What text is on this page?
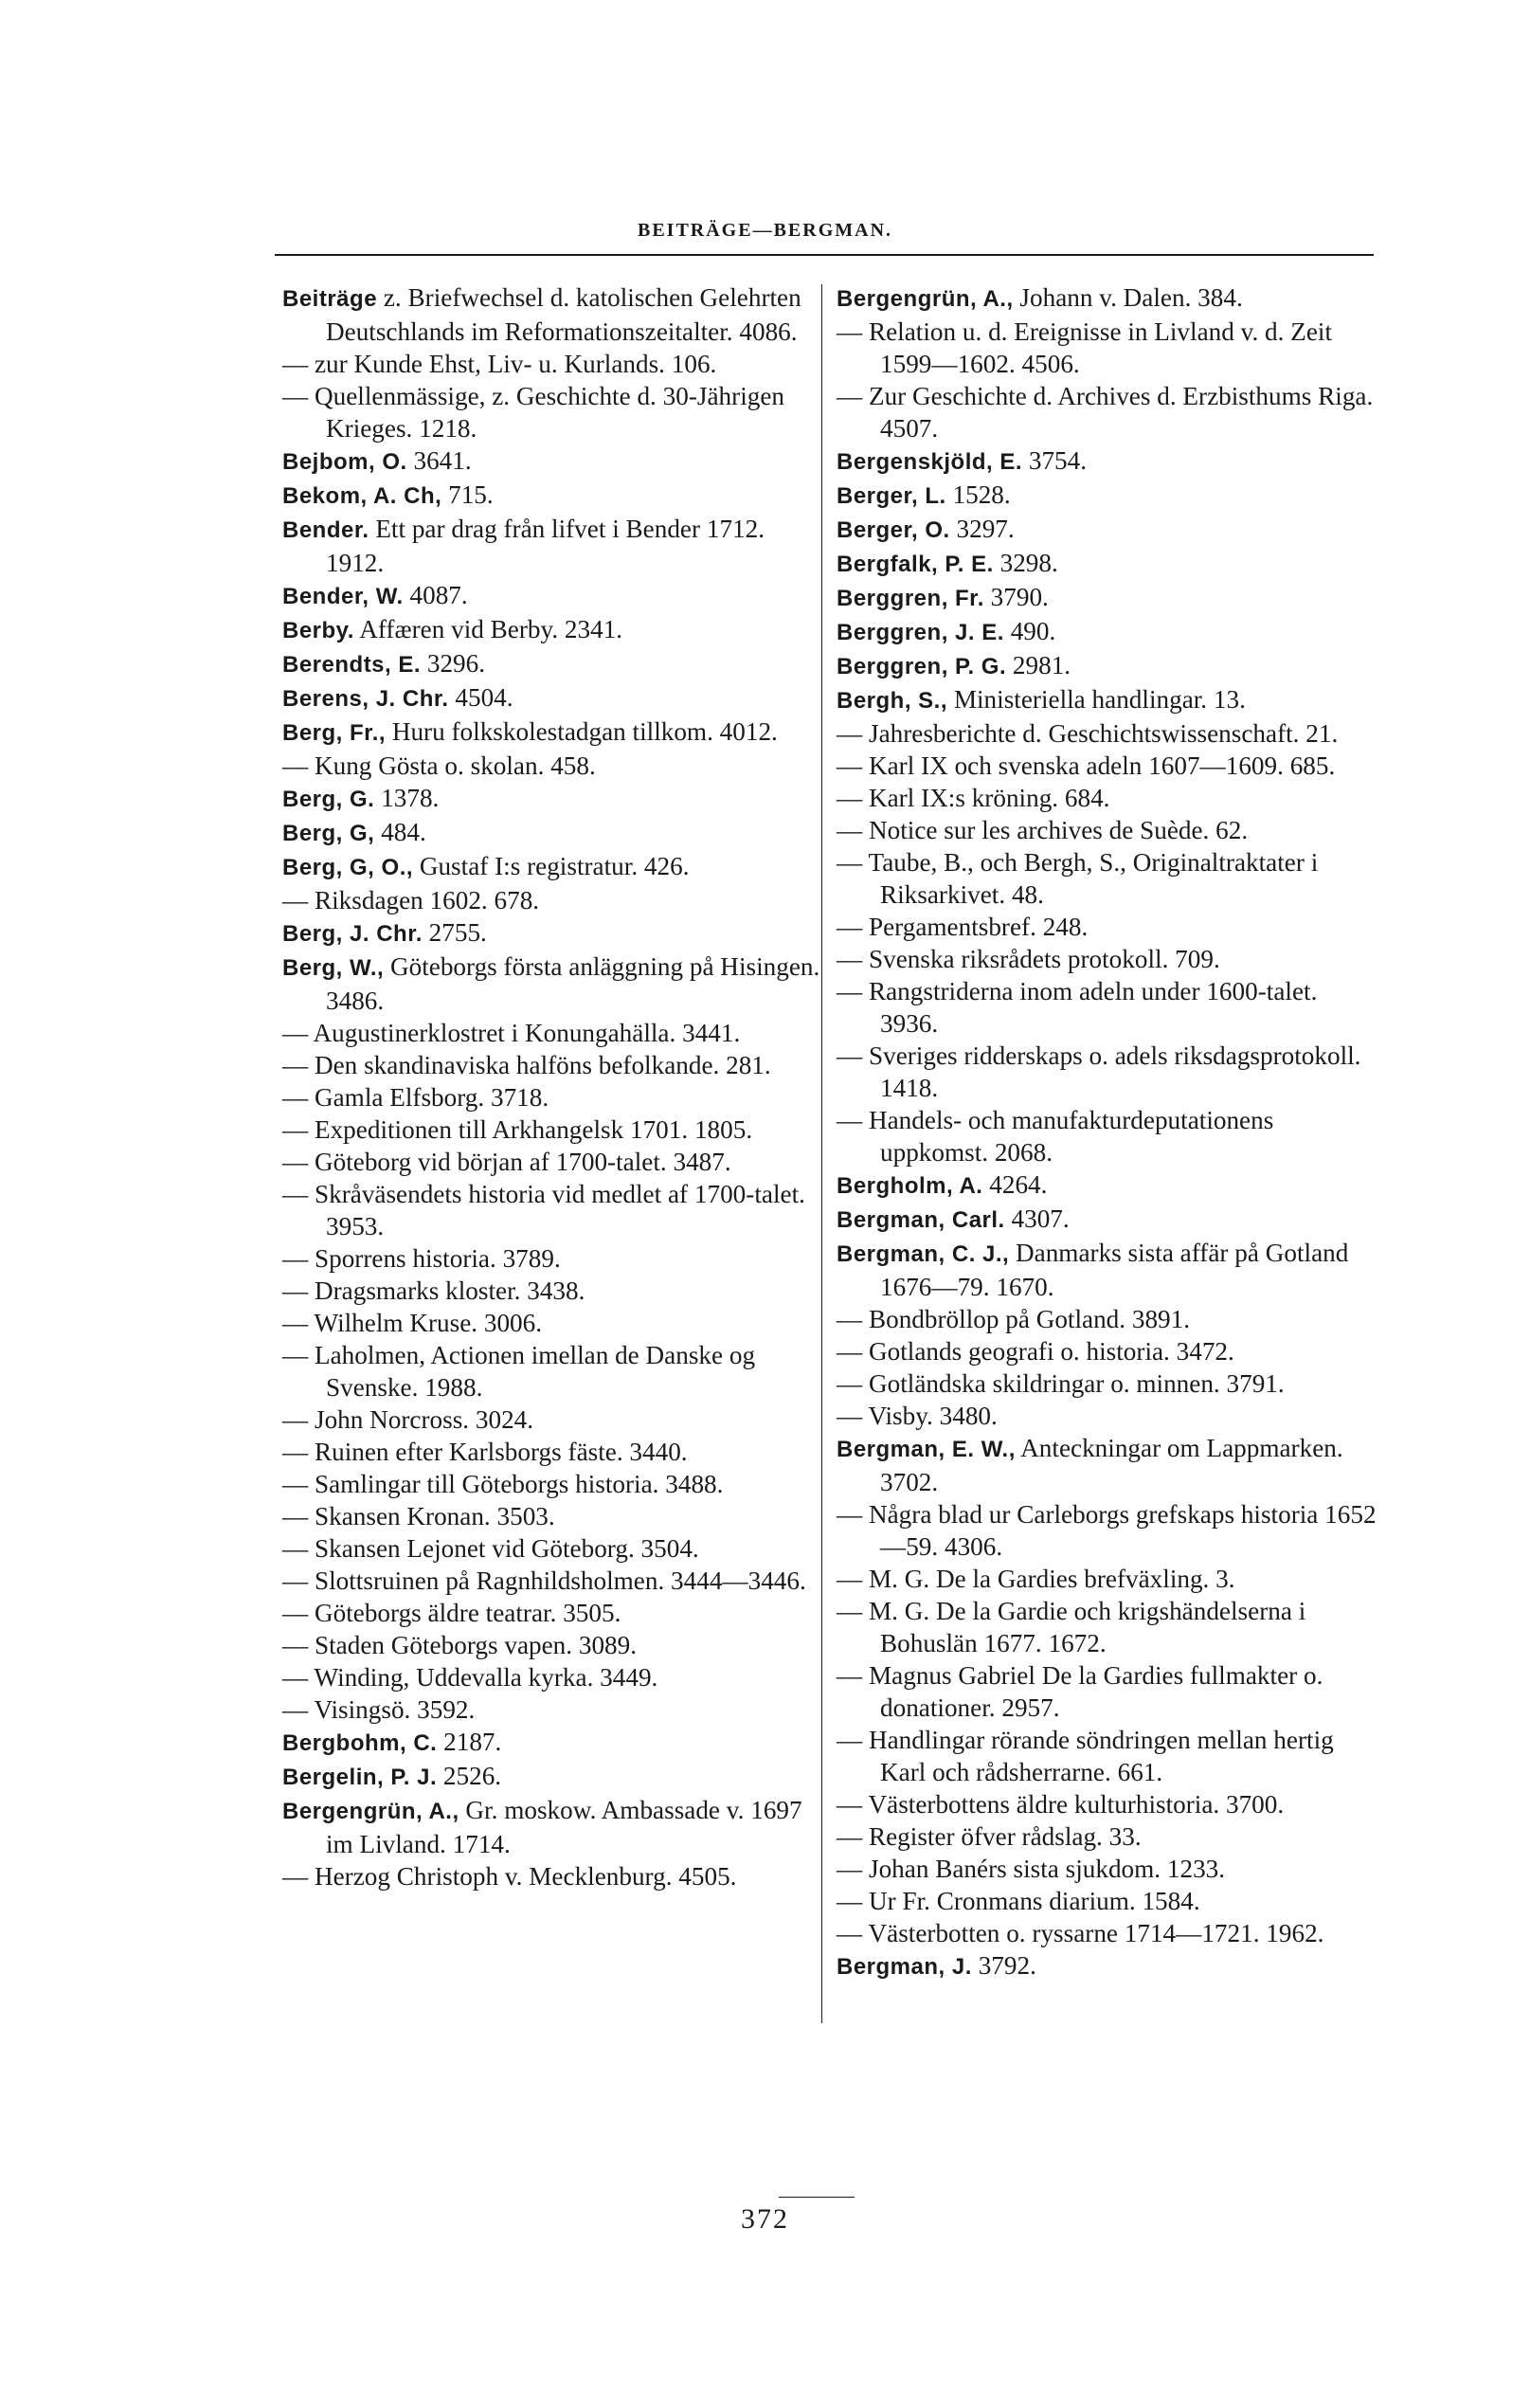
BEITRÄGE—BERGMAN.

Beiträge z. Briefwechsel d. katolischen Gelehrten Deutschlands im Reformationszeitalter. 4086.

— zur Kunde Ehst, Liv- u. Kurlands. 106.

— Quellenmässige, z. Geschichte d. 30-Jährigen Krieges. 1218.

Bejbom, O. 3641.

Bekom, A. Ch, 715.

Bender. Ett par drag från lifvet i Bender 1712. 1912.

Bender, W. 4087.

Berby. Affæren vid Berby. 2341.

Berendts, E. 3296.

Berens, J. Chr. 4504.

Berg, Fr., Huru folkskolestadgan tillkom. 4012.

— Kung Gösta o. skolan. 458.

Berg, G. 1378.

Berg, G, 484.

Berg, G, O., Gustaf I:s registratur. 426.

— Riksdagen 1602. 678.

Berg, J. Chr. 2755.

Berg, W., Göteborgs första anläggning på Hisingen. 3486.

— Augustinerklostret i Konungahälla. 3441.

— Den skandinaviska halföns befolkande. 281.

— Gamla Elfsborg. 3718.

— Expeditionen till Arkhangelsk 1701. 1805.

— Göteborg vid början af 1700-talet. 3487.

— Skråväsendets historia vid medlet af 1700-talet. 3953.

— Sporrens historia. 3789.

— Dragsmarks kloster. 3438.

— Wilhelm Kruse. 3006.

— Laholmen, Actionen imellan de Danske og Svenske. 1988.

— John Norcross. 3024.

— Ruinen efter Karlsborgs fäste. 3440.

— Samlingar till Göteborgs historia. 3488.

— Skansen Kronan. 3503.

— Skansen Lejonet vid Göteborg. 3504.

— Slottsruinen på Ragnhildsholmen. 3444—3446.

— Göteborgs äldre teatrar. 3505.

— Staden Göteborgs vapen. 3089.

— Winding, Uddevalla kyrka. 3449.

— Visingsö. 3592.

Bergbohm, C. 2187.

Bergelin, P. J. 2526.

Bergengrün, A., Gr. moskow. Ambassade v. 1697 im Livland. 1714.

— Herzog Christoph v. Mecklenburg. 4505.

Bergengrün, A., Johann v. Dalen. 384.

— Relation u. d. Ereignisse in Livland v. d. Zeit 1599—1602. 4506.

— Zur Geschichte d. Archives d. Erzbisthums Riga. 4507.

Bergenskjöld, E. 3754.

Berger, L. 1528.

Berger, O. 3297.

Bergfalk, P. E. 3298.

Berggren, Fr. 3790.

Berggren, J. E. 490.

Berggren, P. G. 2981.

Bergh, S., Ministeriella handlingar. 13.

— Jahresberichte d. Geschichtswissenschaft. 21.

— Karl IX och svenska adeln 1607—1609. 685.

— Karl IX:s kröning. 684.

— Notice sur les archives de Suède. 62.

— Taube, B., och Bergh, S., Originaltraktater i Riksarkivet. 48.

— Pergamentsbref. 248.

— Svenska riksrådets protokoll. 709.

— Rangstriderna inom adeln under 1600-talet. 3936.

— Sveriges ridderskaps o. adels riksdagsprotokoll. 1418.

— Handels- och manufakturdeputationens uppkomst. 2068.

Bergholm, A. 4264.

Bergman, Carl. 4307.

Bergman, C. J., Danmarks sista affär på Gotland 1676—79. 1670.

— Bondbröllop på Gotland. 3891.

— Gotlands geografi o. historia. 3472.

— Gotländska skildringar o. minnen. 3791.

— Visby. 3480.

Bergman, E. W., Anteckningar om Lappmarken. 3702.

— Några blad ur Carleborgs grefskaps historia 1652—59. 4306.

— M. G. De la Gardies brefväxling. 3.

— M. G. De la Gardie och krigshändelserna i Bohuslän 1677. 1672.

— Magnus Gabriel De la Gardies fullmakter o. donationer. 2957.

— Handlingar rörande söndringen mellan hertig Karl och rådsherrarne. 661.

— Västerbottens äldre kulturhistoria. 3700.

— Register öfver rådslag. 33.

— Johan Banérs sista sjukdom. 1233.

— Ur Fr. Cronmans diarium. 1584.

— Västerbotten o. ryssarne 1714—1721. 1962.

Bergman, J. 3792.

372
